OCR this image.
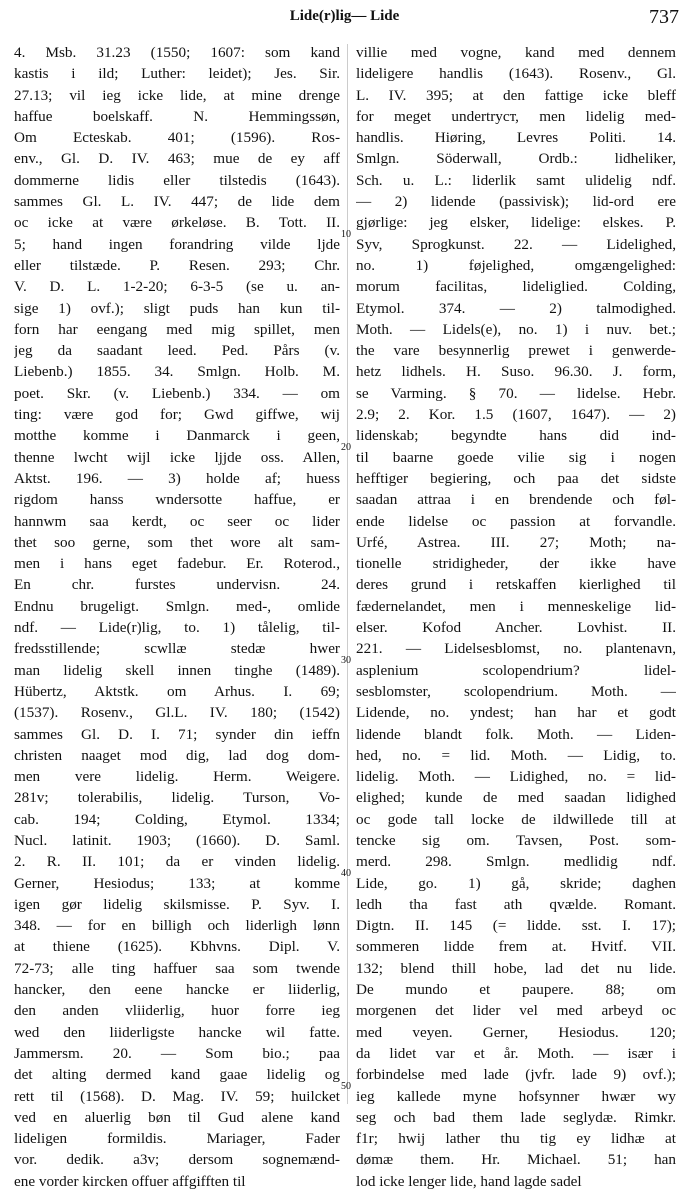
Lide(r)lig— Lide	737
4. Msb. 31.23 (1550; 1607: som kand
kastis i ild; Luther: leidet); Jes. Sir.
27.13; vil ieg icke lide, at mine drenge
haffue boelskaff. N. Hemmingssøn,
Om Ecteskab. 401; (1596). Ros-
env., Gl. D. IV. 463; mue de ey aff
dommerne lidis eller tilstedis (1643).
sammes Gl. L. IV. 447; de lide dem
oc icke at være ørkeløse. B. Tott. II.
5; hand ingen forandring vilde ljde
eller tilstæde. P. Resen. 293; Chr.
V. D. L. 1-2-20; 6-3-5 (se u. an-
sige 1) ovf.); sligt puds han kun til-
forn har eengang med mig spillet, men
jeg da saadant leed. Ped. Pårs (v.
Liebenb.) 1855. 34. Smlgn. Holb. M.
poet. Skr. (v. Liebenb.) 334. — om
ting: være god for; Gwd giffwe, wij
motthe komme i Danmarck i geen,
thenne lwcht wijl icke ljjde oss. Allen,
Aktst. 196. — 3) holde af; huess
rigdom hanss wndersotte haffue, er
hannwm saa kerdt, oc seer oc lider
thet soo gerne, som thet wore alt sam-
men i hans eget fadebur. Er. Roterod.,
En chr. furstes undervisn. 24.
Endnu brugeligt. Smlgn. med-, omlide
ndf. — Lide(r)lig, to. 1) tålelig, til-
fredsstillende; scwllæ stedæ hwer
man lidelig skell innen tinghe (1489).
Hübertz, Aktstk. om Arhus. I. 69;
(1537). Rosenv., Gl.L. IV. 180; (1542)
sammes Gl. D. I. 71; synder din ieffn
christen naaget mod dig, lad dog dom-
men vere lidelig. Herm. Weigere.
281v; tolerabilis, lidelig. Turson, Vo-
cab. 194; Colding, Etymol. 1334;
Nucl. latinit. 1903; (1660). D. Saml.
2. R. II. 101; da er vinden lidelig.
Gerner, Hesiodus; 133; at komme
igen gør lidelig skilsmisse. P. Syv. I.
348. — for en billigh och liderligh lønn
at thiene (1625). Kbhvns. Dipl. V.
72-73; alle ting haffuer saa som twende
hancker, den eene hancke er liiderlig,
den anden vliiderlig, huor forre ieg
wed den liiderligste hancke wil fatte.
Jammersm. 20. — Som bio.; paa
det alting dermed kand gaae lidelig og
rett til (1568). D. Mag. IV. 59; huilcket
ved en aluerlig bøn til Gud alene kand
lideligen formildis. Mariager, Fader
vor. dedik. a3v; dersom sognemænd-
ene vorder kircken offuer affgifften til
villie med vogne, kand med dennem
lideligere handlis (1643). Rosenv., Gl.
L. IV. 395; at den fattige icke bleff
for meget undertrycт, men lidelig med-
handlis. Hiøring, Levres Politi. 14.
Smlgn. Söderwall, Ordb.: lidheliker,
Sch. u. L.: liderlik samt ulidelig ndf.
— 2) lidende (passivisk); lid-ord ere
gjørlige: jeg elsker, lidelige: elskes. P.
Syv, Sprogkunst. 22. — Lidelighed,
no. 1) føjelighed, omgængelighed:
morum facilitas, lideliglied. Colding,
Etymol. 374. — 2) talmodighed.
Moth. — Lidels(e), no. 1) i nuv. bet.;
the vare besynnerlig prewet i genwerde-
hetz lidhels. H. Suso. 96.30. J. form,
se Varming. § 70. — lidelse. Hebr.
2.9; 2. Kor. 1.5 (1607, 1647). — 2)
lidenskab; begyndte hans did ind-
til baarne goede vilie sig i nogen
hefftiger begiering, och paa det sidste
saadan attraa i en brendende och føl-
ende lidelse oc passion at forvandle.
Urfé, Astrea. III. 27; Moth; na-
tionelle stridigheder, der ikke have
deres grund i retskaffen kierlighed til
fædernelandet, men i menneskelige lid-
elser. Kofod Ancher. Lovhist. II.
221. — Lidelsesblomst, no. plantenavn,
asplenium scolopendrium? lidel-
sesblomster, scolopendrium. Moth. —
Lidende, no. yndest; han har et godt
lidende blandt folk. Moth. — Liden-
hed, no. = lid. Moth. — Lidig, to.
lidelig. Moth. — Lidighed, no. = lid-
elighed; kunde de med saadan lidighed
oc gode tall locke de ildwillede till at
tencke sig om. Tavsen, Post. som-
merd. 298. Smlgn. medlidig ndf.
Lide, go. 1) gå, skride; daghen
ledh tha fast ath qvælde. Romant.
Digtn. II. 145 (= lidde. sst. I. 17);
sommeren lidde frem at. Hvitf. VII.
132; blend thill hobe, lad det nu lide.
De mundo et paupere. 88; om
morgenen det lider vel med arbeyd oc
med veyen. Gerner, Hesiodus. 120;
da lidet var et år. Moth. — især i
forbindelse med lade (jvfr. lade 9) ovf.);
ieg kallede myne hofsynner hwær wy
seg och bad them lade seglydæ. Rimkr.
f1r; hwij lather thu tig ey lidhæ at
dømæ them. Hr. Michael. 51; han
lod icke lenger lide, hand lagde sadel
10
20
30
40
50
